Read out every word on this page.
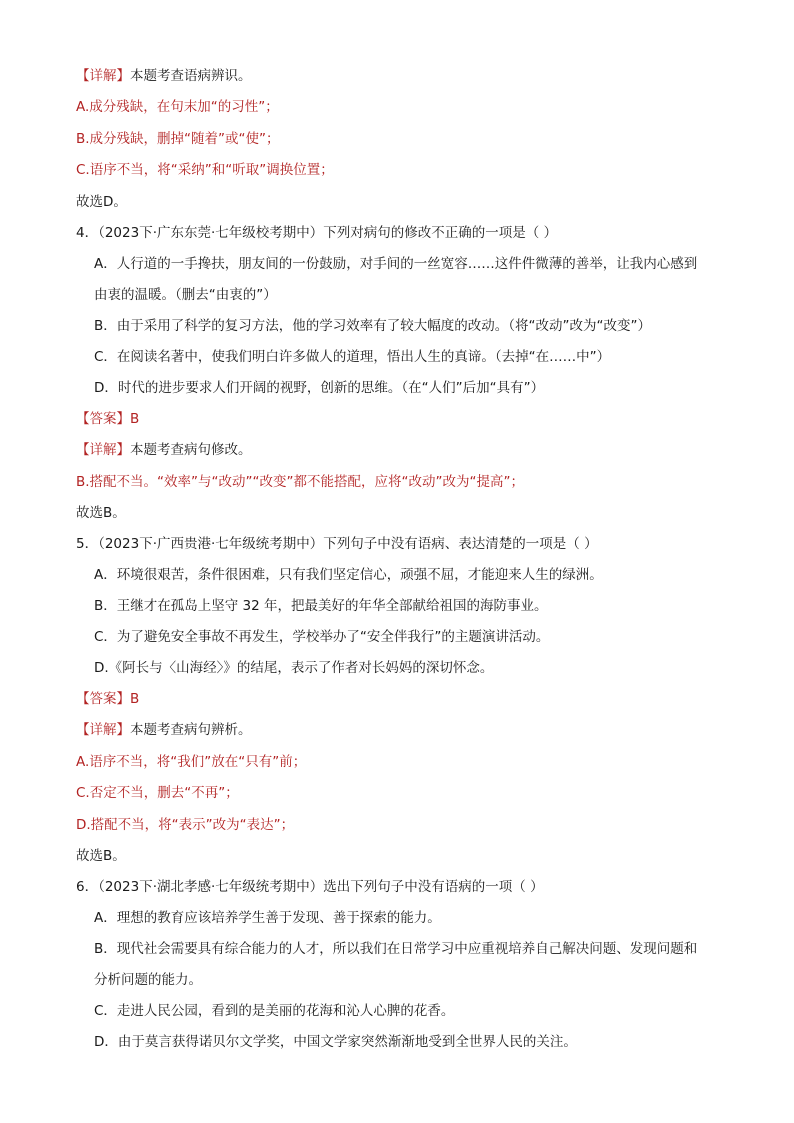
【详解】本题考查语病辨识。
A.成分残缺，在句末加“的习性”；
B.成分残缺，删掉“随着”或“使”；
C.语序不当，将“采纳”和“听取”调换位置；
故选D。
4．（2023下·广东东莞·七年级校考期中）下列对病句的修改不正确的一项是（ ）
A．人行道的一手搀扶，朋友间的一份鼓励，对手间的一丝宽容……这件件微薄的善举，让我内心感到
由衷的温暖。（删去“由衷的”）
B．由于采用了科学的复习方法，他的学习效率有了较大幅度的改动。（将“改动”改为“改变”）
C．在阅读名著中，使我们明白许多做人的道理，悟出人生的真谛。（去掉“在……中”）
D．时代的进步要求人们开阔的视野，创新的思维。（在“人们”后加“具有”）
【答案】B
【详解】本题考查病句修改。
B.搭配不当。“效率”与“改动”“改变”都不能搭配，应将“改动”改为“提高”；
故选B。
5．（2023下·广西贵港·七年级统考期中）下列句子中没有语病、表达清楚的一项是（ ）
A．环境很艰苦，条件很困难，只有我们坚定信心，顽强不屈，才能迎来人生的绿洲。
B．王继才在孤岛上坚守 32 年，把最美好的年华全部献给祖国的海防事业。
C．为了避免安全事故不再发生，学校举办了“安全伴我行”的主题演讲活动。
D.《阿长与〈山海经〉》的结尾，表示了作者对长妈妈的深切怀念。
【答案】B
【详解】本题考查病句辨析。
A.语序不当，将“我们”放在“只有”前；
C.否定不当，删去“不再”；
D.搭配不当，将“表示”改为“表达”；
故选B。
6．（2023下·湖北孝感·七年级统考期中）选出下列句子中没有语病的一项（ ）
A．理想的教育应该培养学生善于发现、善于探索的能力。
B．现代社会需要具有综合能力的人才，所以我们在日常学习中应重视培养自己解决问题、发现问题和
分析问题的能力。
C．走进人民公园，看到的是美丽的花海和沁人心脾的花香。
D．由于莫言获得诺贝尔文学奖，中国文学家突然渐渐地受到全世界人民的关注。
